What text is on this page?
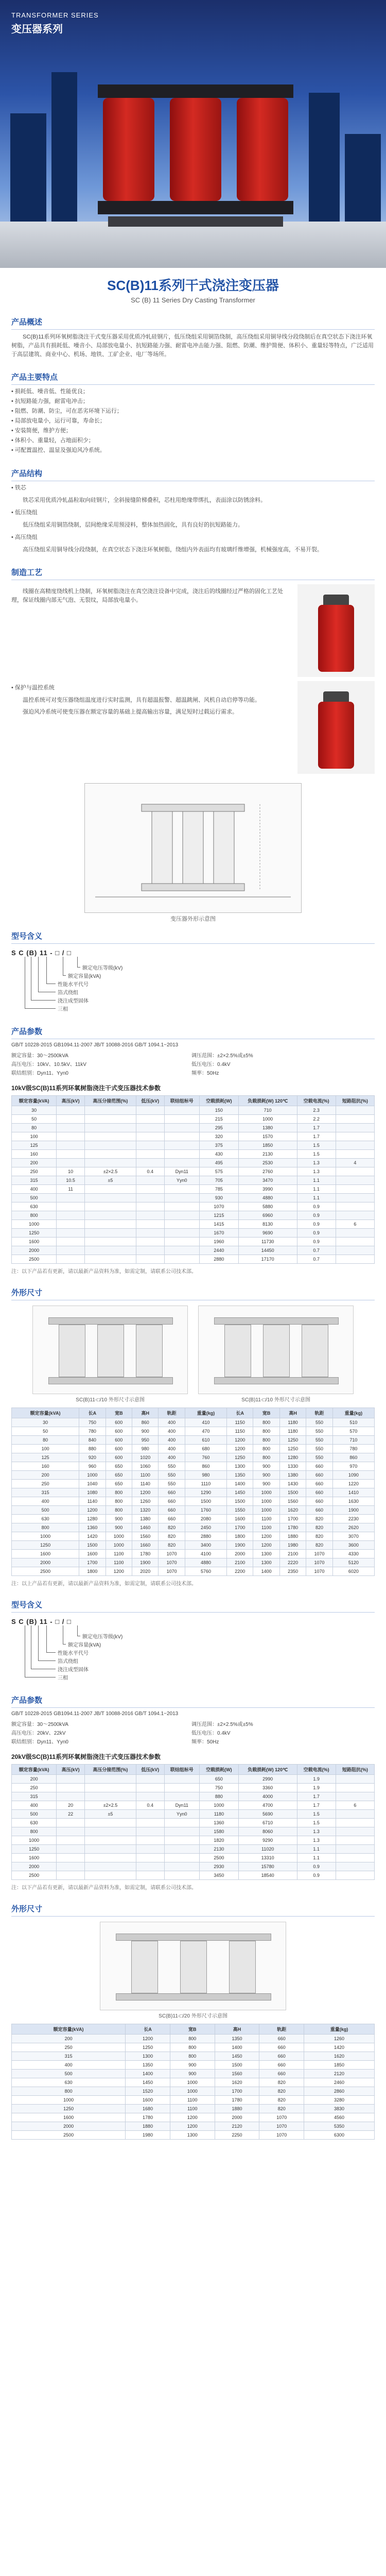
TRANSFORMER SERIES
变压器系列
SC(B)11系列干式浇注变压器
SC (B) 11 Series Dry Casting Transformer
产品概述
SC(B)11系列环氧树脂浇注干式变压器采用优质冷轧硅钢片，低压绕组采用铜箔绕制，高压绕组采用铜导线分段绕制后在真空状态下浇注环氧树脂，产品具有损耗低、噪音小、局部放电量小、抗短路能力强、耐雷电冲击能力强、阻燃、防潮、维护简便、体积小、重量轻等特点，广泛适用于高层建筑、商业中心、机场、地铁、工矿企业、电厂等场所。
产品主要特点
• 损耗低、噪音低、性能优良；
• 抗短路能力强，耐雷电冲击；
• 阻燃、防潮、防尘，可在恶劣环境下运行；
• 局部放电量小，运行可靠，寿命长；
• 安装简便，维护方便；
• 体积小、重量轻，占地面积少；
• 可配置温控、温显及强迫风冷系统。
产品结构
• 铁芯
铁芯采用优质冷轧晶粒取向硅钢片，全斜接缝阶梯叠积，芯柱用绝缘带绑扎，表面涂以防锈涂料。
• 低压绕组
低压绕组采用铜箔绕制，层间绝缘采用预浸料，整体加热固化，具有良好的抗短路能力。
• 高压绕组
高压绕组采用铜导线分段绕制，在真空状态下浇注环氧树脂，绕组内外表面均有玻璃纤维增强，机械强度高，不易开裂。
制造工艺
线圈在高精度绕线机上绕制，环氧树脂浇注在真空浇注设备中完成，浇注后的线圈经过严格的固化工艺处理，保证线圈内部无气泡、无裂纹，局部放电量小。
• 保护与温控系统
温控系统可对变压器绕组温度进行实时监测，具有超温报警、超温跳闸、风机自动启停等功能。
强迫风冷系统可使变压器在额定容量的基础上提高输出容量，满足短时过载运行需求。
变压器外形示意图
型号含义
S C (B) 11 - □ / □
三相
浇注成型固体
箔式绕组
性能水平代号
额定容量(kVA)
额定电压等级(kV)
产品参数
GB/T 10228-2015 GB1094.11-2007 JB/T 10088-2016 GB/T 1094.1~2013
额定容量：30～2500kVA	调压范围：±2×2.5%或±5%
高压电压：10kV、10.5kV、11kV	低压电压：0.4kV
联结组别：Dyn11、Yyn0	频率：50Hz
10kV级SC(B)11系列环氧树脂浇注干式变压器技术参数
额定容量(kVA)	高压(kV)	高压分接范围(%)	低压(kV)	联结组标号	空载损耗(W)	负载损耗(W) 120℃	空载电流(%)	短路阻抗(%)
30					150	710	2.3	
50					215	1000	2.2	
80					295	1380	1.7	
100					320	1570	1.7	
125					375	1850	1.5	
160					430	2130	1.5	
200					495	2530	1.3	4
250	10	±2×2.5	0.4	Dyn11	575	2760	1.3	
315	10.5	±5		Yyn0	705	3470	1.1	
400	11				785	3990	1.1	
500					930	4880	1.1	
630					1070	5880	0.9	
800					1215	6960	0.9	
1000					1415	8130	0.9	6
1250					1670	9690	0.9	
1600					1960	11730	0.9	
2000					2440	14450	0.7	
2500					2880	17170	0.7	
注：以下产品若有更新，请以最新产品资料为准，如需定制，请联系公司技术部。
外形尺寸
SC(B)11-□/10 外形尺寸示意图	SC(B)11-□/10 外形尺寸示意图
额定容量(kVA)	长A	宽B	高H	轨距	重量(kg)	长A	宽B	高H	轨距	重量(kg)
30	750	600	860	400	410	1150	800	1180	550	510
50	780	600	900	400	470	1150	800	1180	550	570
80	840	600	950	400	610	1200	800	1250	550	710
100	880	600	980	400	680	1200	800	1250	550	780
125	920	600	1020	400	760	1250	800	1280	550	860
160	960	650	1060	550	860	1300	900	1330	660	970
200	1000	650	1100	550	980	1350	900	1380	660	1090
250	1040	650	1140	550	1110	1400	900	1430	660	1220
315	1080	800	1200	660	1290	1450	1000	1500	660	1410
400	1140	800	1260	660	1500	1500	1000	1560	660	1630
500	1200	800	1320	660	1760	1550	1000	1620	660	1900
630	1280	900	1380	660	2080	1600	1100	1700	820	2230
800	1360	900	1460	820	2450	1700	1100	1780	820	2620
1000	1420	1000	1560	820	2880	1800	1200	1880	820	3070
1250	1500	1000	1660	820	3400	1900	1200	1980	820	3600
1600	1600	1100	1780	1070	4100	2000	1300	2100	1070	4330
2000	1700	1100	1900	1070	4880	2100	1300	2220	1070	5120
2500	1800	1200	2020	1070	5760	2200	1400	2350	1070	6020
注：以上产品若有更新，请以最新产品资料为准，如需定制，请联系公司技术部。
型号含义
S C (B) 11 - □ / □
三相
浇注成型固体
箔式绕组
性能水平代号
额定容量(kVA)
额定电压等级(kV)
产品参数
GB/T 10228-2015 GB1094.11-2007 JB/T 10088-2016 GB/T 1094.1~2013
额定容量：30～2500kVA	调压范围：±2×2.5%或±5%
高压电压：20kV、22kV	低压电压：0.4kV
联结组别：Dyn11、Yyn0	频率：50Hz
20kV级SC(B)11系列环氧树脂浇注干式变压器技术参数
额定容量(kVA)	高压(kV)	高压分接范围(%)	低压(kV)	联结组标号	空载损耗(W)	负载损耗(W) 120℃	空载电流(%)	短路阻抗(%)
200					650	2990	1.9	
250					750	3360	1.9	
315					880	4000	1.7	
400	20	±2×2.5	0.4	Dyn11	1000	4700	1.7	6
500	22	±5		Yyn0	1180	5690	1.5	
630					1360	6710	1.5	
800					1580	8060	1.3	
1000					1820	9290	1.3	
1250					2130	11020	1.1	
1600					2500	13310	1.1	
2000					2930	15780	0.9	
2500					3450	18540	0.9	
注：以下产品若有更新，请以最新产品资料为准，如需定制，请联系公司技术部。
外形尺寸
SC(B)11-□/20 外形尺寸示意图
额定容量(kVA)	长A	宽B	高H	轨距	重量(kg)
200	1200	800	1350	660	1260
250	1250	800	1400	660	1420
315	1300	800	1450	660	1620
400	1350	900	1500	660	1850
500	1400	900	1560	660	2120
630	1450	1000	1620	820	2460
800	1520	1000	1700	820	2860
1000	1600	1100	1780	820	3280
1250	1680	1100	1880	820	3830
1600	1780	1200	2000	1070	4560
2000	1880	1200	2120	1070	5350
2500	1980	1300	2250	1070	6300
